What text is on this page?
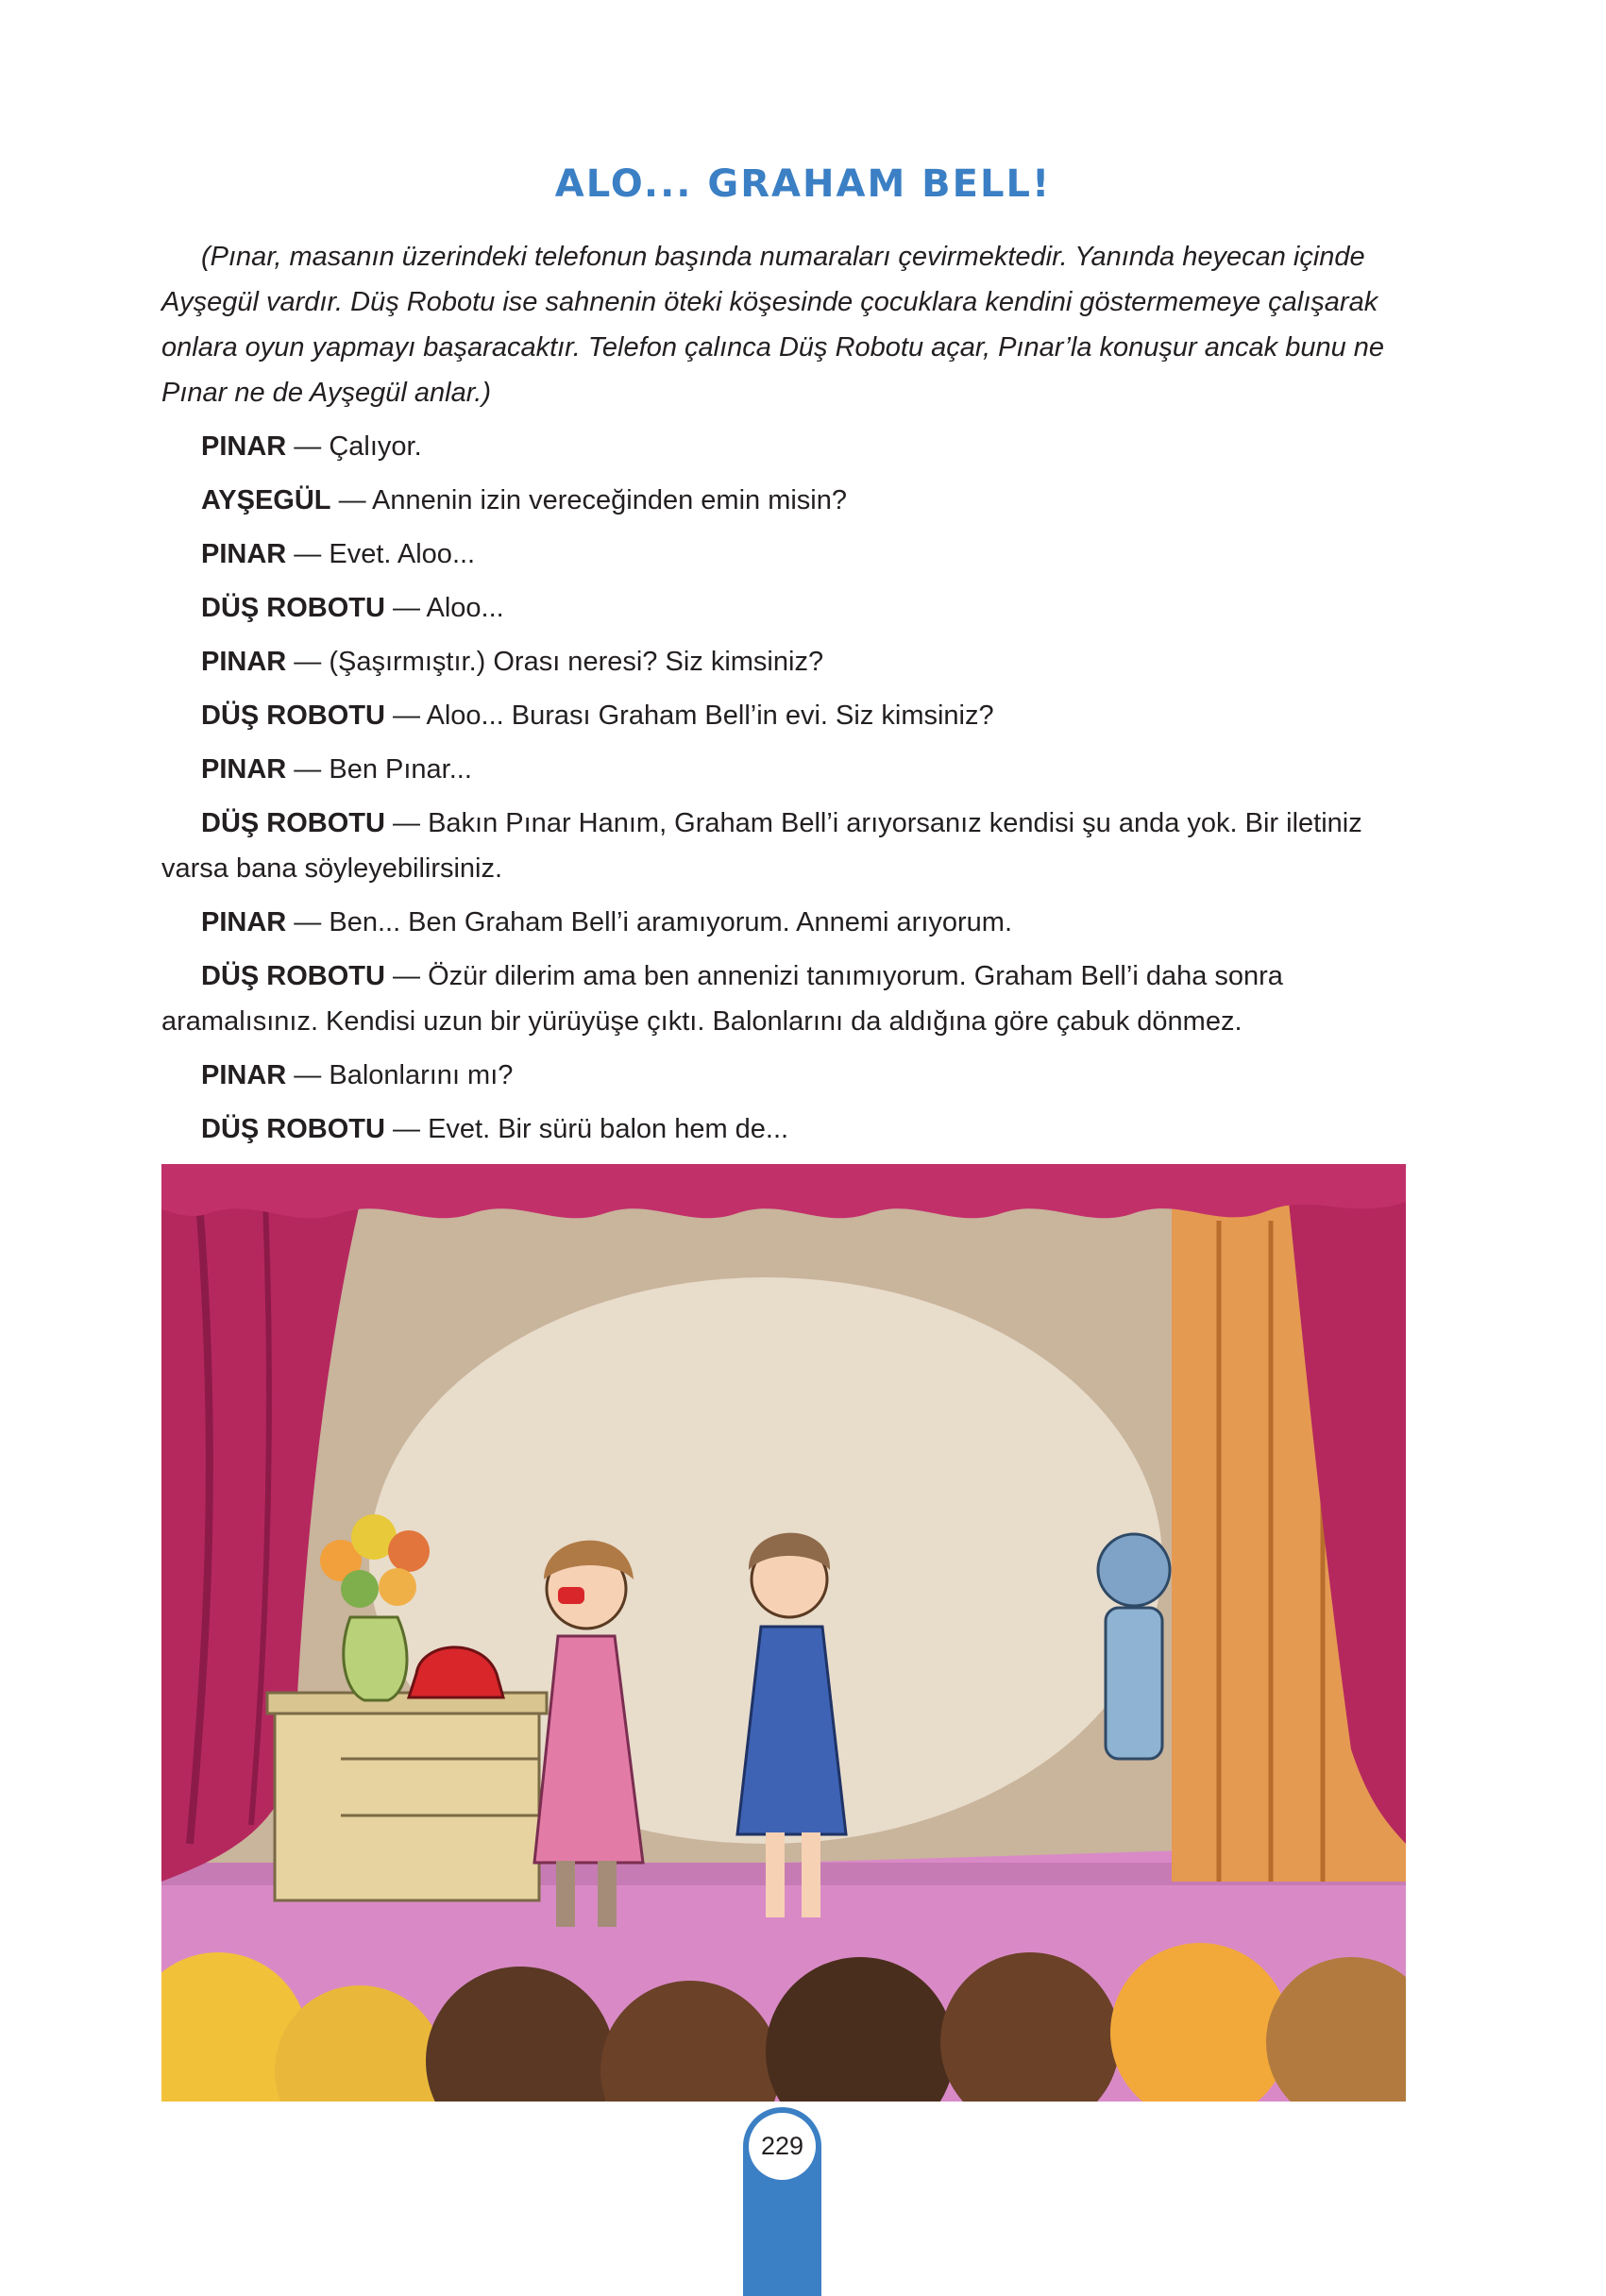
ALO... GRAHAM BELL!

(Pınar, masanın üzerindeki telefonun başında numaraları çevirmektedir. Yanında heyecan içinde Ayşegül vardır. Düş Robotu ise sahnenin öteki köşesinde çocuklara kendini göstermemeye çalışarak onlara oyun yapmayı başaracaktır. Telefon çalınca Düş Robotu açar, Pınar’la konuşur ancak bunu ne Pınar ne de Ayşegül anlar.)

PINAR — Çalıyor.

AYŞEGÜL — Annenin izin vereceğinden emin misin?

PINAR — Evet. Aloo...

DÜŞ ROBOTU — Aloo...

PINAR — (Şaşırmıştır.) Orası neresi? Siz kimsiniz?

DÜŞ ROBOTU — Aloo... Burası Graham Bell’in evi. Siz kimsiniz?

PINAR — Ben Pınar...

DÜŞ ROBOTU — Bakın Pınar Hanım, Graham Bell’i arıyorsanız kendisi şu anda yok. Bir iletiniz varsa bana söyleyebilirsiniz.

PINAR — Ben... Ben Graham Bell’i aramıyorum. Annemi arıyorum.

DÜŞ ROBOTU — Özür dilerim ama ben annenizi tanımıyorum. Graham Bell’i daha sonra aramalısınız. Kendisi uzun bir yürüyüşe çıktı. Balonlarını da aldığına göre çabuk dönmez.

PINAR — Balonlarını mı?

DÜŞ ROBOTU — Evet. Bir sürü balon hem de...

229
